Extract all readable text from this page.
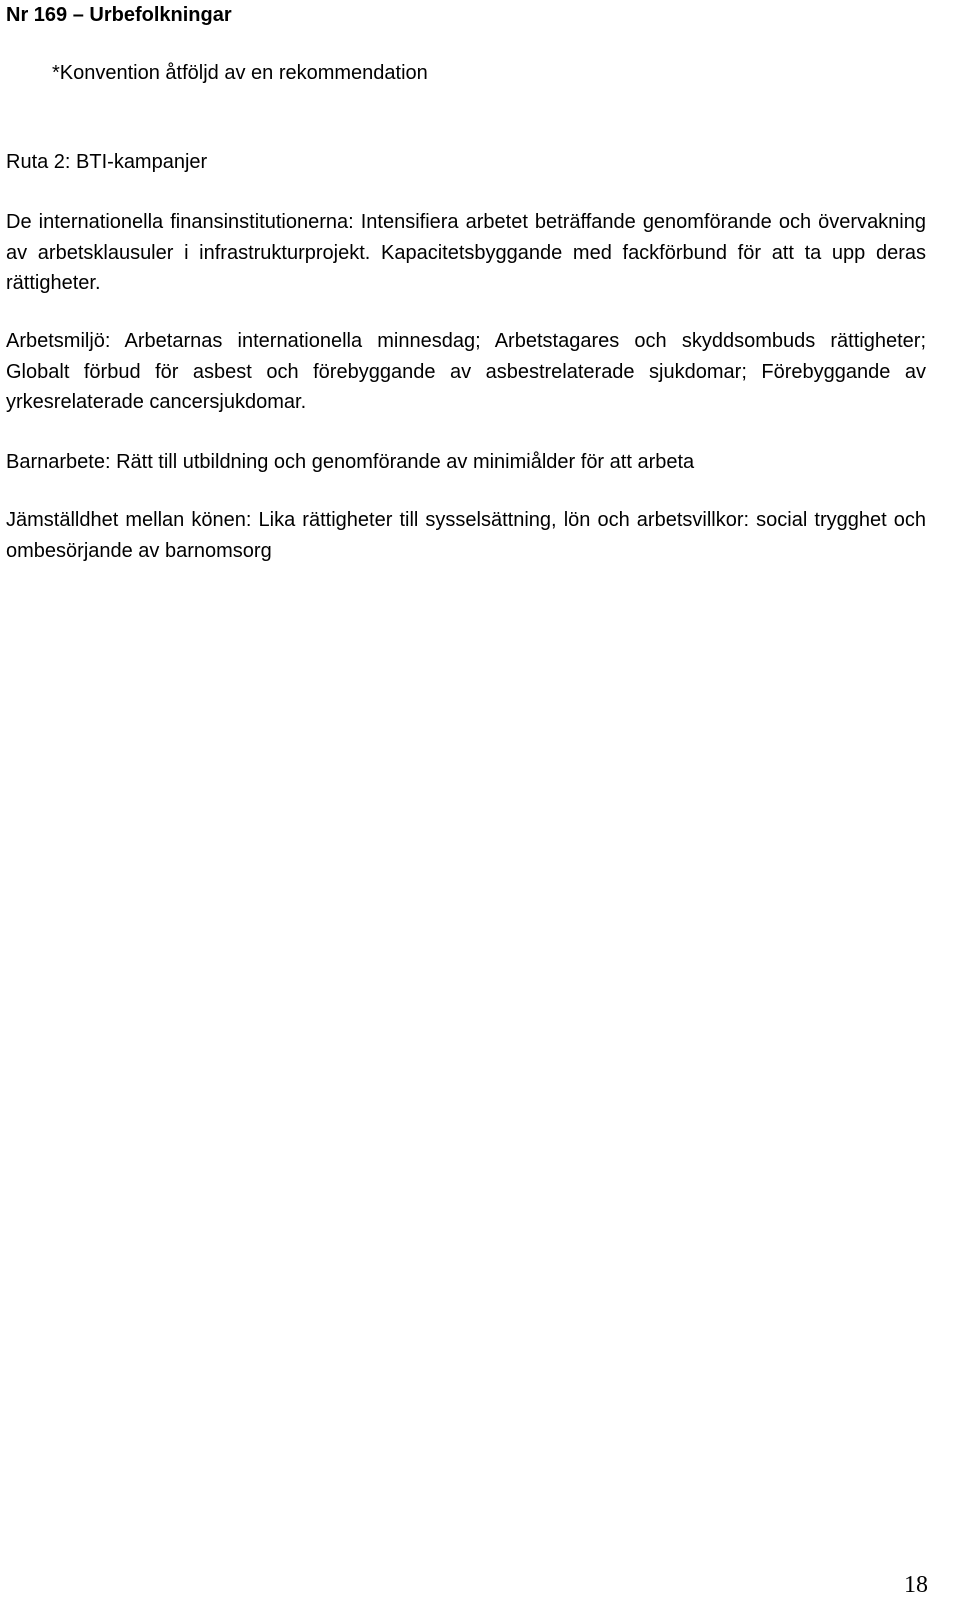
Nr 169 – Urbefolkningar

*Konvention åtföljd av en rekommendation

Ruta 2: BTI-kampanjer

De internationella finansinstitutionerna: Intensifiera arbetet beträffande genomförande och övervakning av arbetsklausuler i infrastrukturprojekt. Kapacitetsbyggande med fackförbund för att ta upp deras rättigheter.

Arbetsmiljö: Arbetarnas internationella minnesdag; Arbetstagares och skyddsombuds rättigheter; Globalt förbud för asbest och förebyggande av asbestrelaterade sjukdomar; Förebyggande av yrkesrelaterade cancersjukdomar.

Barnarbete: Rätt till utbildning och genomförande av minimiålder för att arbeta

Jämställdhet mellan könen: Lika rättigheter till sysselsättning, lön och arbetsvillkor: social trygghet och ombesörjande av barnomsorg

18
